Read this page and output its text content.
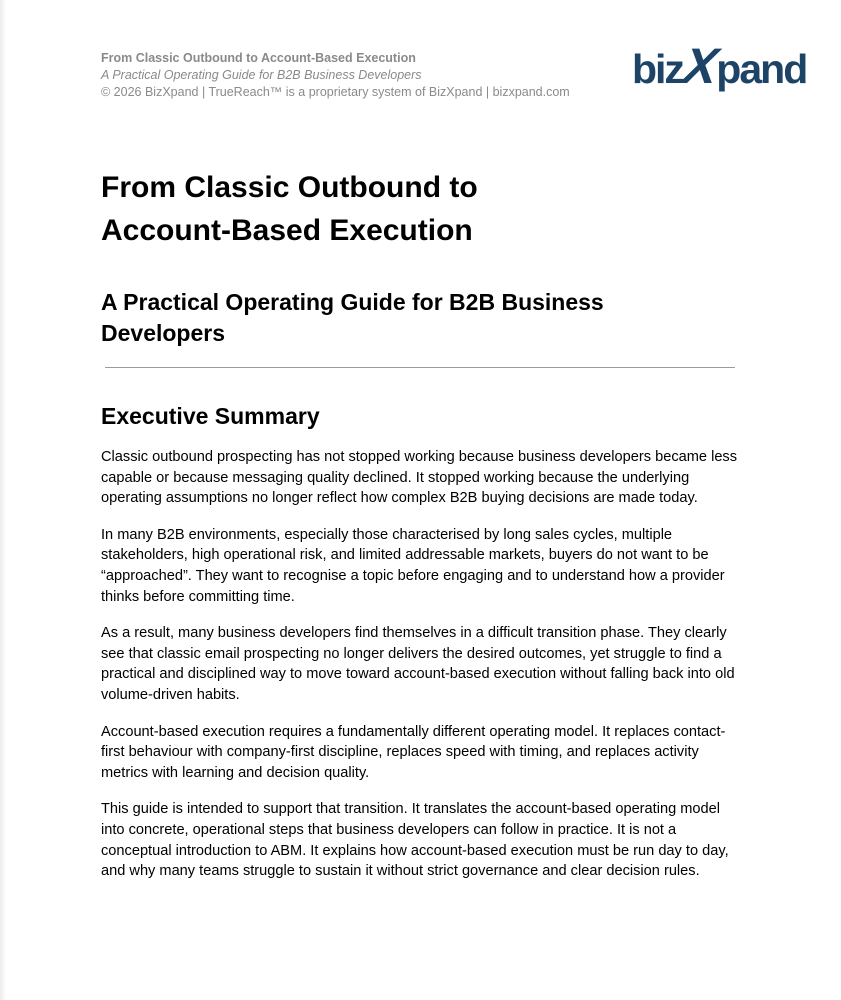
From Classic Outbound to Account-Based Execution
A Practical Operating Guide for B2B Business Developers
© 2026 BizXpand | TrueReach™ is a proprietary system of BizXpand | bizxpand.com	bizXpand
From Classic Outbound to
Account-Based Execution
A Practical Operating Guide for B2B Business
Developers
Executive Summary

Classic outbound prospecting has not stopped working because business developers became less capable or because messaging quality declined. It stopped working because the underlying operating assumptions no longer reflect how complex B2B buying decisions are made today.

In many B2B environments, especially those characterised by long sales cycles, multiple stakeholders, high operational risk, and limited addressable markets, buyers do not want to be “approached”. They want to recognise a topic before engaging and to understand how a provider thinks before committing time.

As a result, many business developers find themselves in a difficult transition phase. They clearly see that classic email prospecting no longer delivers the desired outcomes, yet struggle to find a practical and disciplined way to move toward account-based execution without falling back into old volume-driven habits.

Account-based execution requires a fundamentally different operating model. It replaces contact-first behaviour with company-first discipline, replaces speed with timing, and replaces activity metrics with learning and decision quality.

This guide is intended to support that transition. It translates the account-based operating model into concrete, operational steps that business developers can follow in practice. It is not a conceptual introduction to ABM. It explains how account-based execution must be run day to day, and why many teams struggle to sustain it without strict governance and clear decision rules.
